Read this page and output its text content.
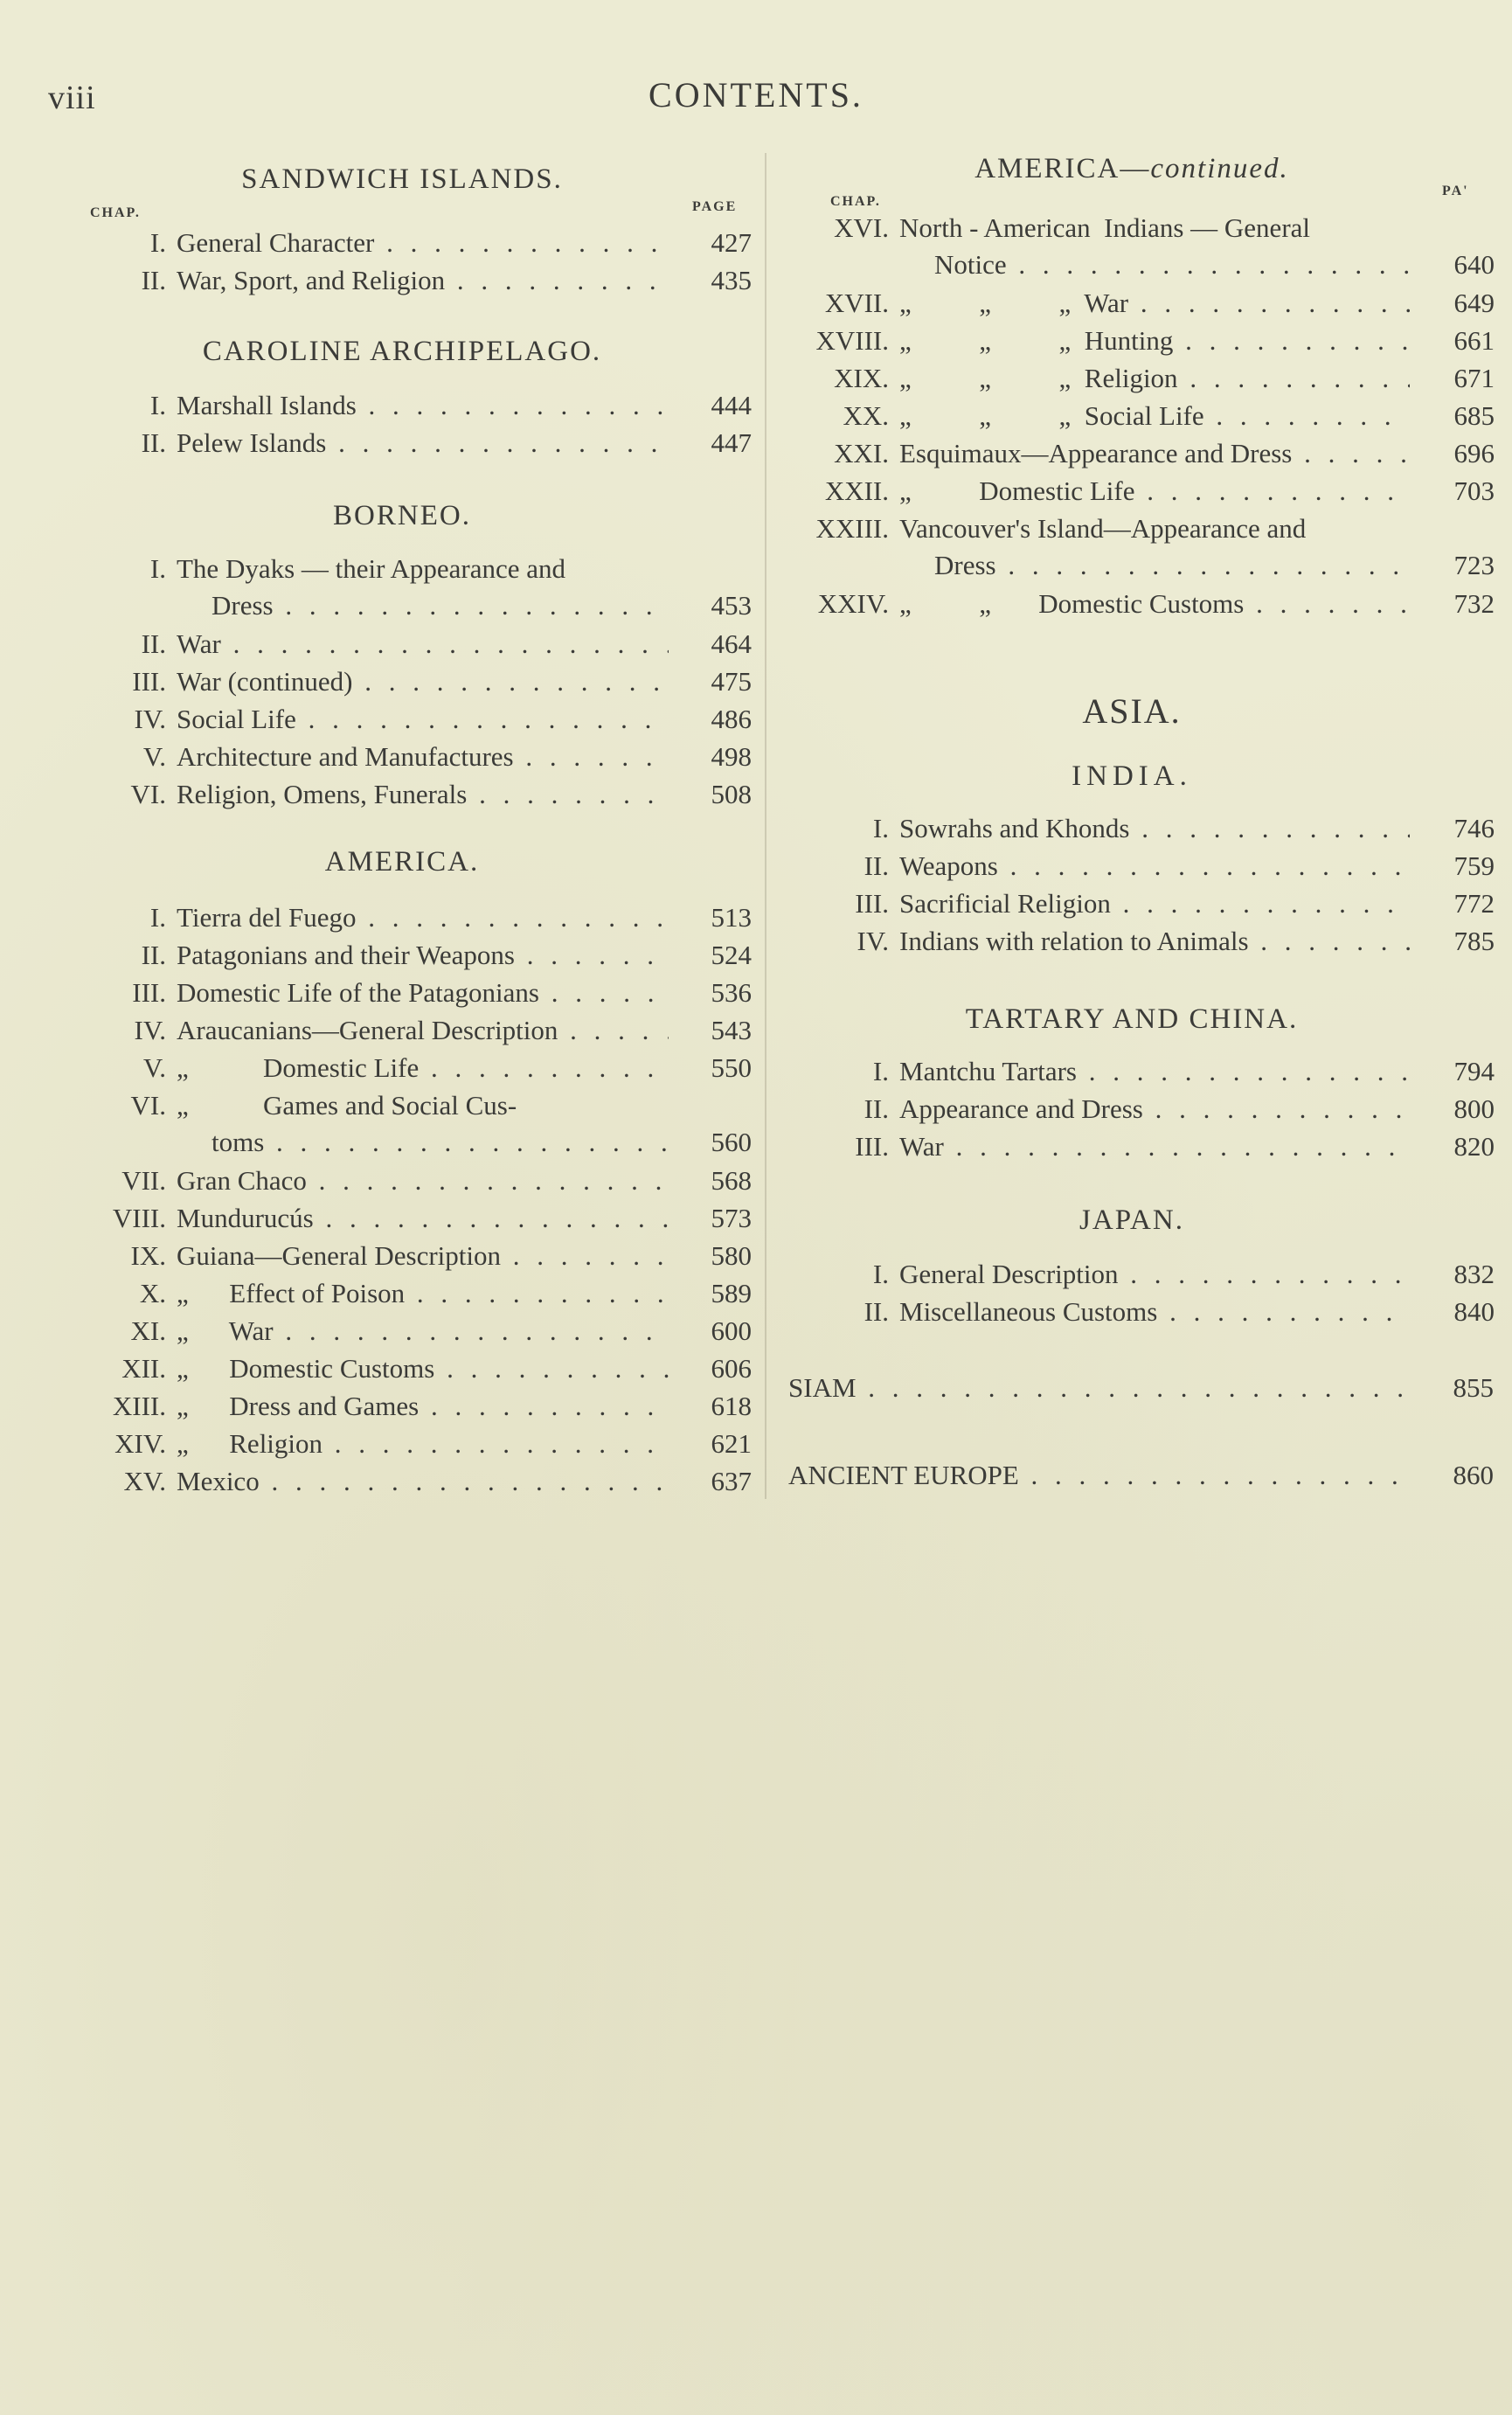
viii	CONTENTS.
SANDWICH ISLANDS.
CHAP.	PAGE
I. General Character . . .	427
II. War, Sport, and Religion . . .	435
CAROLINE ARCHIPELAGO.
I. Marshall Islands . . .	444
II. Pelew Islands . . .	447
BORNEO.
I. The Dyaks — their Appearance and
Dress . . .	453
II. War . . .	464
III. War (continued) . . .	475
IV. Social Life . . .	486
V. Architecture and Manufactures . . .	498
VI. Religion, Omens, Funerals . . .	508
AMERICA.
I. Tierra del Fuego . . .	513
II. Patagonians and their Weapons . . .	524
III. Domestic Life of the Patagonians . . .	536
IV. Araucanians—General Description . . .	543
V. „           Domestic Life . . .	550
VI. „           Games and Social Cus-
toms . . .	560
VII. Gran Chaco . . .	568
VIII. Mundurucús . . .	573
IX. Guiana—General Description . . .	580
X. „      Effect of Poison . . .	589
XI. „      War . . .	600
XII. „      Domestic Customs . . .	606
XIII. „      Dress and Games . . .	618
XIV. „      Religion . . .	621
XV. Mexico . . .	637
AMERICA—continued.
CHAP.
PA'
XVI. North - American  Indians — General
Notice . . .	640
XVII. „          „          „  War . . .	649
XVIII. „          „          „  Hunting . . .	661
XIX. „          „          „  Religion . . .	671
XX. „          „          „  Social Life . . .	685
XXI. Esquimaux—Appearance and Dress . . .	696
XXII. „          Domestic Life . . .	703
XXIII. Vancouver's Island—Appearance and
Dress . . .	723
XXIV. „          „       Domestic Customs . . .	732
ASIA.
INDIA.
I. Sowrahs and Khonds . . .	746
II. Weapons . . .	759
III. Sacrificial Religion . . .	772
IV. Indians with relation to Animals . . .	785
TARTARY AND CHINA.
I. Mantchu Tartars . . .	794
II. Appearance and Dress . . .	800
III. War . . .	820
JAPAN.
I. General Description . . .	832
II. Miscellaneous Customs . . .	840
SIAM . . .	855
ANCIENT EUROPE . . .	860
